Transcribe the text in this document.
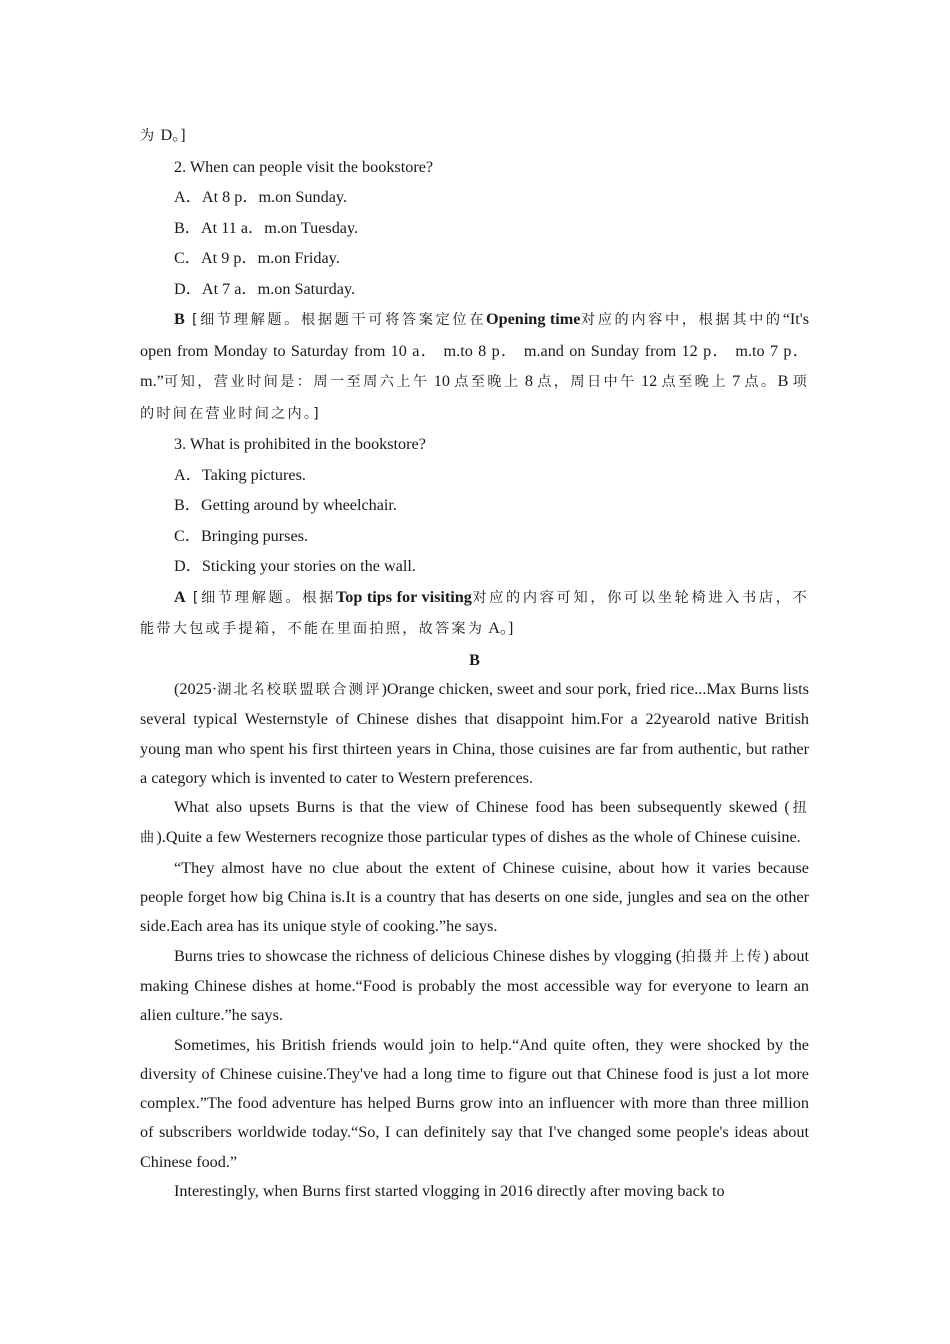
为 D。]

2. When can people visit the bookstore?

A．At 8 p．m.on Sunday.

B．At 11 a．m.on Tuesday.

C．At 9 p．m.on Friday.

D．At 7 a．m.on Saturday.

B [细节理解题。根据题干可将答案定位在Opening time对应的内容中，根据其中的“It's open from Monday to Saturday from 10 a． m.to 8 p． m.and on Sunday from 12 p． m.to 7 p． m.”可知，营业时间是：周一至周六上午 10 点至晚上 8 点，周日中午 12 点至晚上 7 点。B 项的时间在营业时间之内。]

3. What is prohibited in the bookstore?

A．Taking pictures.

B．Getting around by wheelchair.

C．Bringing purses.

D．Sticking your stories on the wall.

A [细节理解题。根据Top tips for visiting对应的内容可知，你可以坐轮椅进入书店，不能带大包或手提箱，不能在里面拍照，故答案为 A。]

B

(2025·湖北名校联盟联合测评)Orange chicken, sweet and sour pork, fried rice...Max Burns lists several typical Westernstyle of Chinese dishes that disappoint him.For a 22yearold native British young man who spent his first thirteen years in China, those cuisines are far from authentic, but rather a category which is invented to cater to Western preferences.

What also upsets Burns is that the view of Chinese food has been subsequently skewed (扭曲).Quite a few Westerners recognize those particular types of dishes as the whole of Chinese cuisine.

“They almost have no clue about the extent of Chinese cuisine, about how it varies because people forget how big China is.It is a country that has deserts on one side, jungles and sea on the other side.Each area has its unique style of cooking.”he says.

Burns tries to showcase the richness of delicious Chinese dishes by vlogging (拍摄并上传) about making Chinese dishes at home.“Food is probably the most accessible way for everyone to learn an alien culture.”he says.

Sometimes, his British friends would join to help.“And quite often, they were shocked by the diversity of Chinese cuisine.They've had a long time to figure out that Chinese food is just a lot more complex.”The food adventure has helped Burns grow into an influencer with more than three million of subscribers worldwide today.“So, I can definitely say that I've changed some people's ideas about Chinese food.”

Interestingly, when Burns first started vlogging in 2016 directly after moving back to
